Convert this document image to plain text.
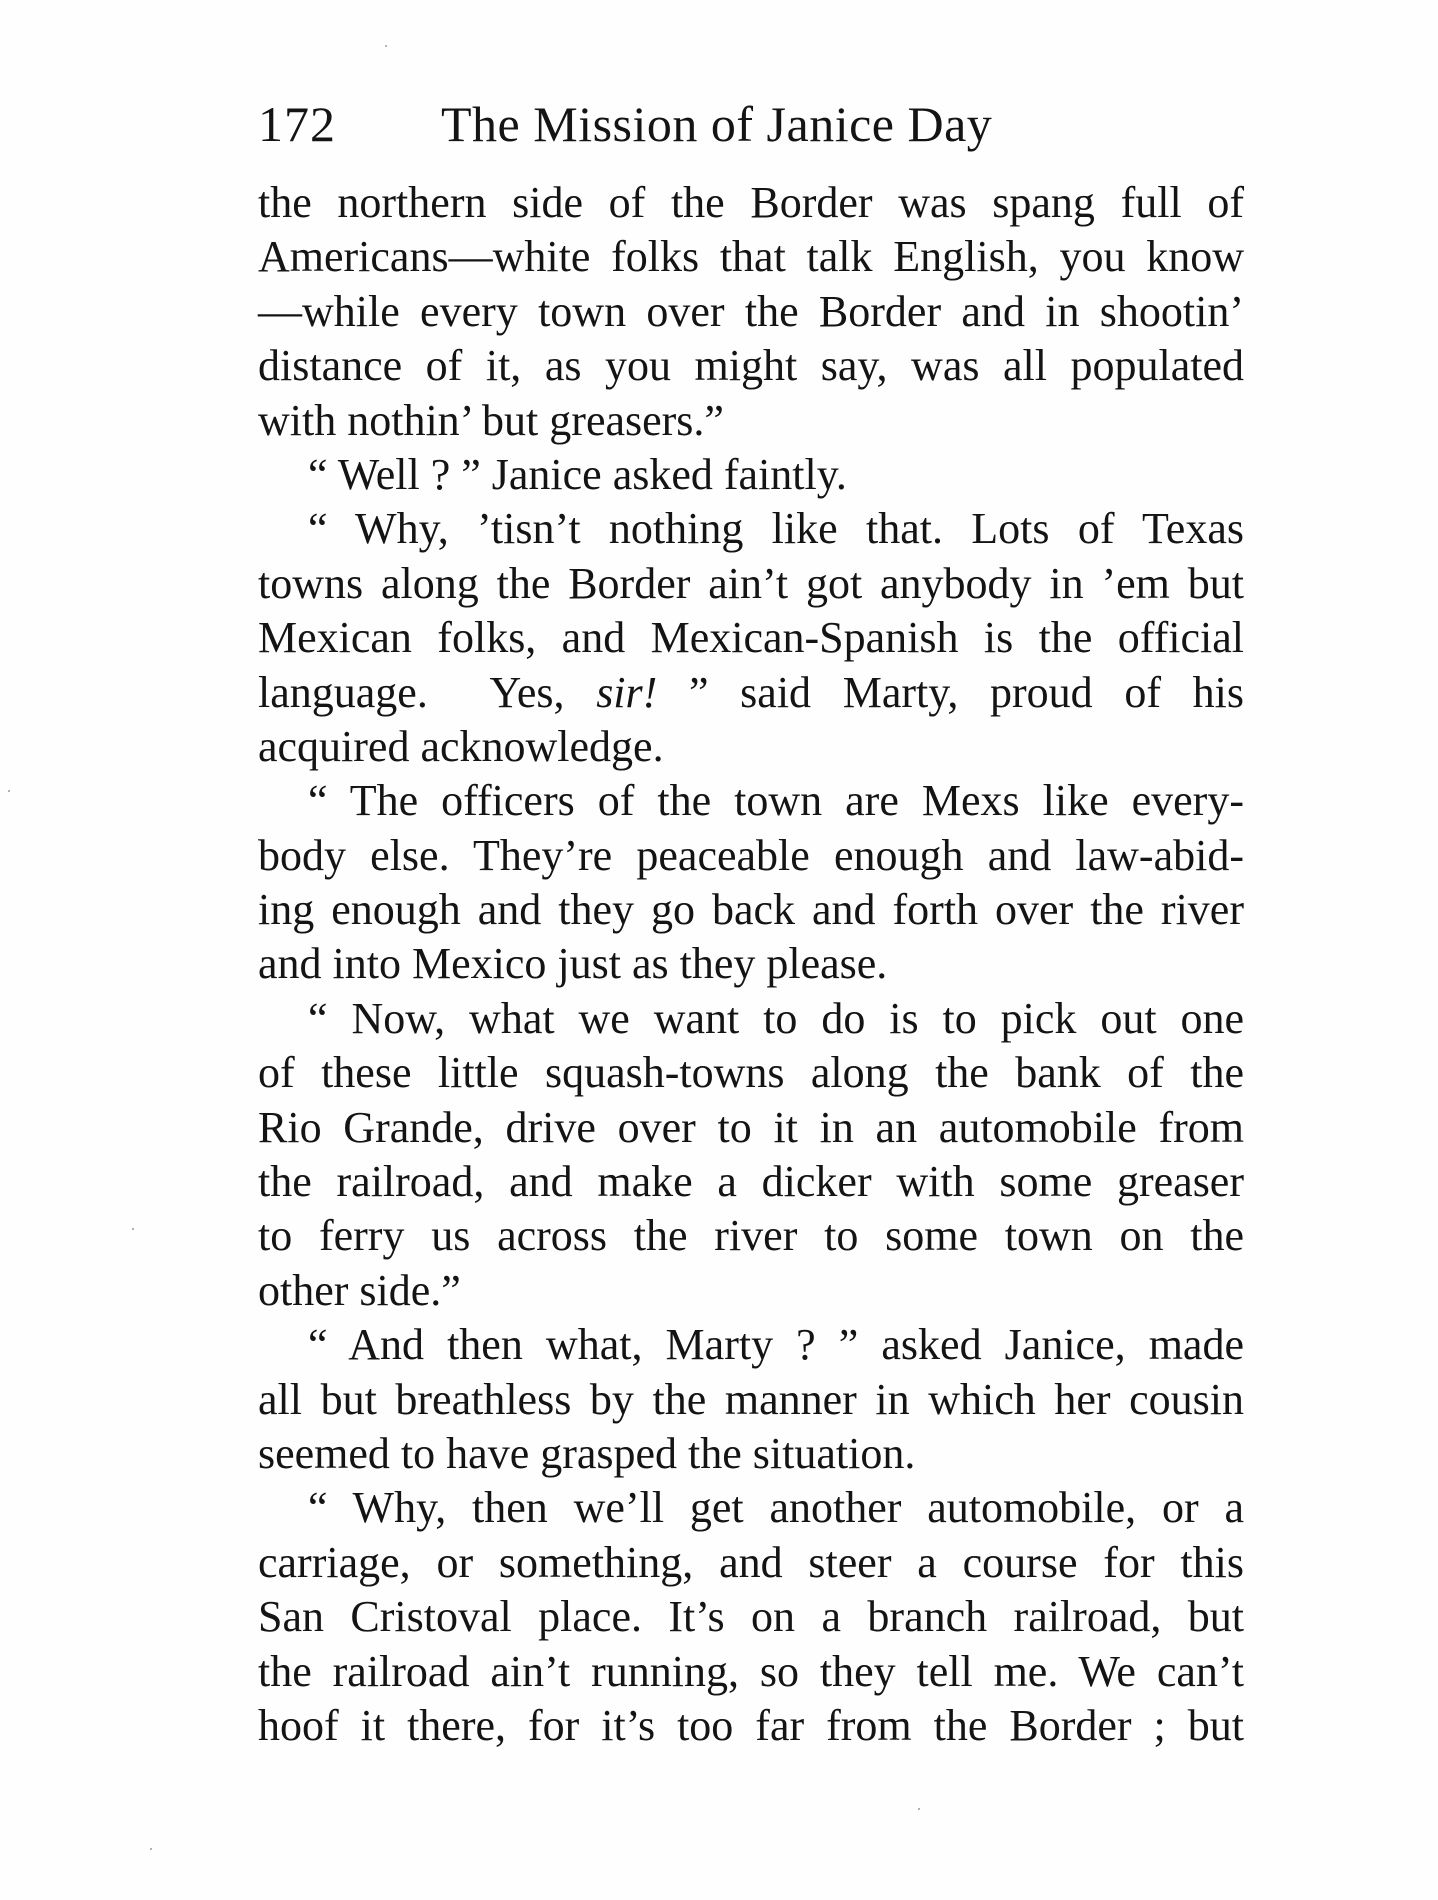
172 The Mission of Janice Day
the northern side of the Border was spang full of
Americans—white folks that talk English, you know
—while every town over the Border and in shootin’
distance of it, as you might say, was all populated
with nothin’ but greasers.”
“ Well ? ” Janice asked faintly.
“ Why, ’tisn’t nothing like that. Lots of Texas
towns along the Border ain’t got anybody in ’em but
Mexican folks, and Mexican-Spanish is the official
language.  Yes, sir! ” said Marty, proud of his
acquired acknowledge.
“ The officers of the town are Mexs like every-
body else. They’re peaceable enough and law-abid-
ing enough and they go back and forth over the river
and into Mexico just as they please.
“ Now, what we want to do is to pick out one
of these little squash-towns along the bank of the
Rio Grande, drive over to it in an automobile from
the railroad, and make a dicker with some greaser
to ferry us across the river to some town on the
other side.”
“ And then what, Marty ? ” asked Janice, made
all but breathless by the manner in which her cousin
seemed to have grasped the situation.
“ Why, then we’ll get another automobile, or a
carriage, or something, and steer a course for this
San Cristoval place. It’s on a branch railroad, but
the railroad ain’t running, so they tell me. We can’t
hoof it there, for it’s too far from the Border ; but
